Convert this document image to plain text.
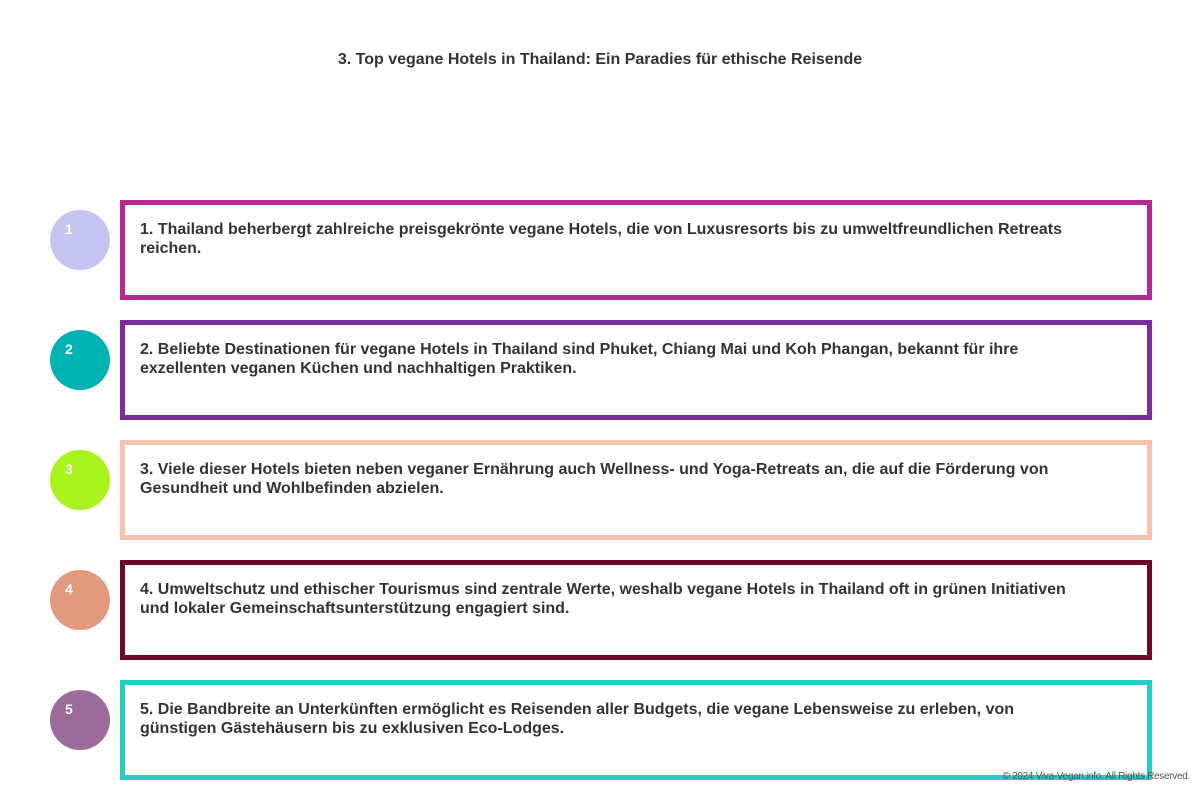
3. Top vegane Hotels in Thailand: Ein Paradies für ethische Reisende
1	1. Thailand beherbergt zahlreiche preisgekrönte vegane Hotels, die von Luxusresorts bis zu umweltfreundlichen Retreats reichen.
2	2. Beliebte Destinationen für vegane Hotels in Thailand sind Phuket, Chiang Mai und Koh Phangan, bekannt für ihre exzellenten veganen Küchen und nachhaltigen Praktiken.
3	3. Viele dieser Hotels bieten neben veganer Ernährung auch Wellness- und Yoga-Retreats an, die auf die Förderung von Gesundheit und Wohlbefinden abzielen.
4	4. Umweltschutz und ethischer Tourismus sind zentrale Werte, weshalb vegane Hotels in Thailand oft in grünen Initiativen und lokaler Gemeinschaftsunterstützung engagiert sind.
5	5. Die Bandbreite an Unterkünften ermöglicht es Reisenden aller Budgets, die vegane Lebensweise zu erleben, von günstigen Gästehäusern bis zu exklusiven Eco-Lodges.
© 2024 Viva-Vegan.info. All Rights Reserved.
